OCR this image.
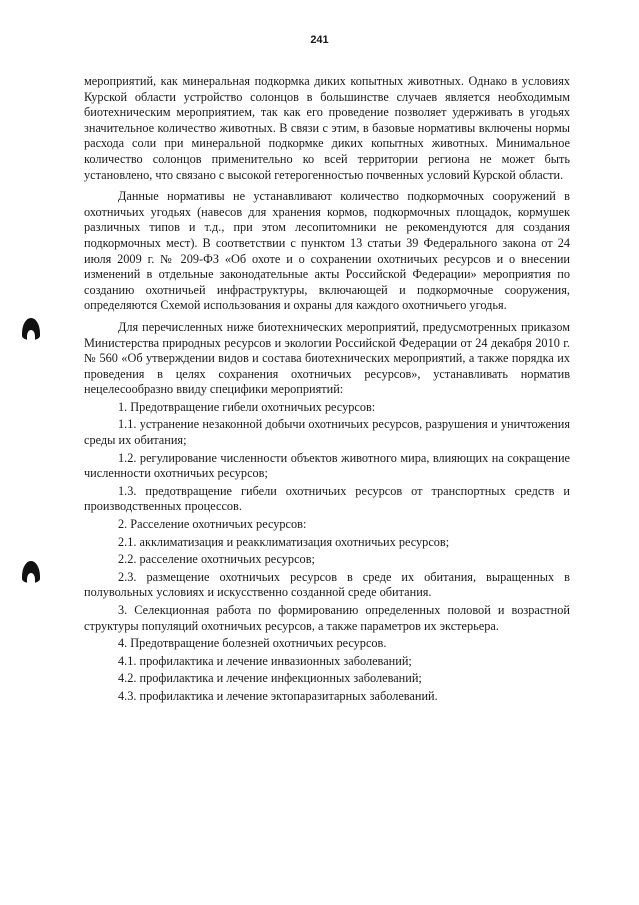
241

мероприятий, как минеральная подкормка диких копытных животных. Однако в условиях Курской области устройство солонцов в большинстве случаев является необходимым биотехническим мероприятием, так как его проведение позволяет удерживать в угодьях значительное количество животных. В связи с этим, в базовые нормативы включены нормы расхода соли при минеральной подкормке диких копытных животных. Минимальное количество солонцов применительно ко всей территории региона не может быть установлено, что связано с высокой гетерогенностью почвенных условий Курской области.

Данные нормативы не устанавливают количество подкормочных сооружений в охотничьих угодьях (навесов для хранения кормов, подкормочных площадок, кормушек различных типов и т.д., при этом лесопитомники не рекомендуются для создания подкормочных мест). В соответствии с пунктом 13 статьи 39 Федерального закона от 24 июля 2009 г. № 209-ФЗ «Об охоте и о сохранении охотничьих ресурсов и о внесении изменений в отдельные законодательные акты Российской Федерации» мероприятия по созданию охотничьей инфраструктуры, включающей и подкормочные сооружения, определяются Схемой использования и охраны для каждого охотничьего угодья.

Для перечисленных ниже биотехнических мероприятий, предусмотренных приказом Министерства природных ресурсов и экологии Российской Федерации от 24 декабря 2010 г. № 560 «Об утверждении видов и состава биотехнических мероприятий, а также порядка их проведения в целях сохранения охотничьих ресурсов», устанавливать норматив нецелесообразно ввиду специфики мероприятий:

1. Предотвращение гибели охотничьих ресурсов:

1.1. устранение незаконной добычи охотничьих ресурсов, разрушения и уничтожения среды их обитания;

1.2. регулирование численности объектов животного мира, влияющих на сокращение численности охотничьих ресурсов;

1.3. предотвращение гибели охотничьих ресурсов от транспортных средств и производственных процессов.

2. Расселение охотничьих ресурсов:

2.1. акклиматизация и реакклиматизация охотничьих ресурсов;

2.2. расселение охотничьих ресурсов;

2.3. размещение охотничьих ресурсов в среде их обитания, выращенных в полувольных условиях и искусственно созданной среде обитания.

3. Селекционная работа по формированию определенных половой и возрастной структуры популяций охотничьих ресурсов, а также параметров их экстерьера.

4. Предотвращение болезней охотничьих ресурсов.

4.1. профилактика и лечение инвазионных заболеваний;

4.2. профилактика и лечение инфекционных заболеваний;

4.3. профилактика и лечение эктопаразитарных заболеваний.
